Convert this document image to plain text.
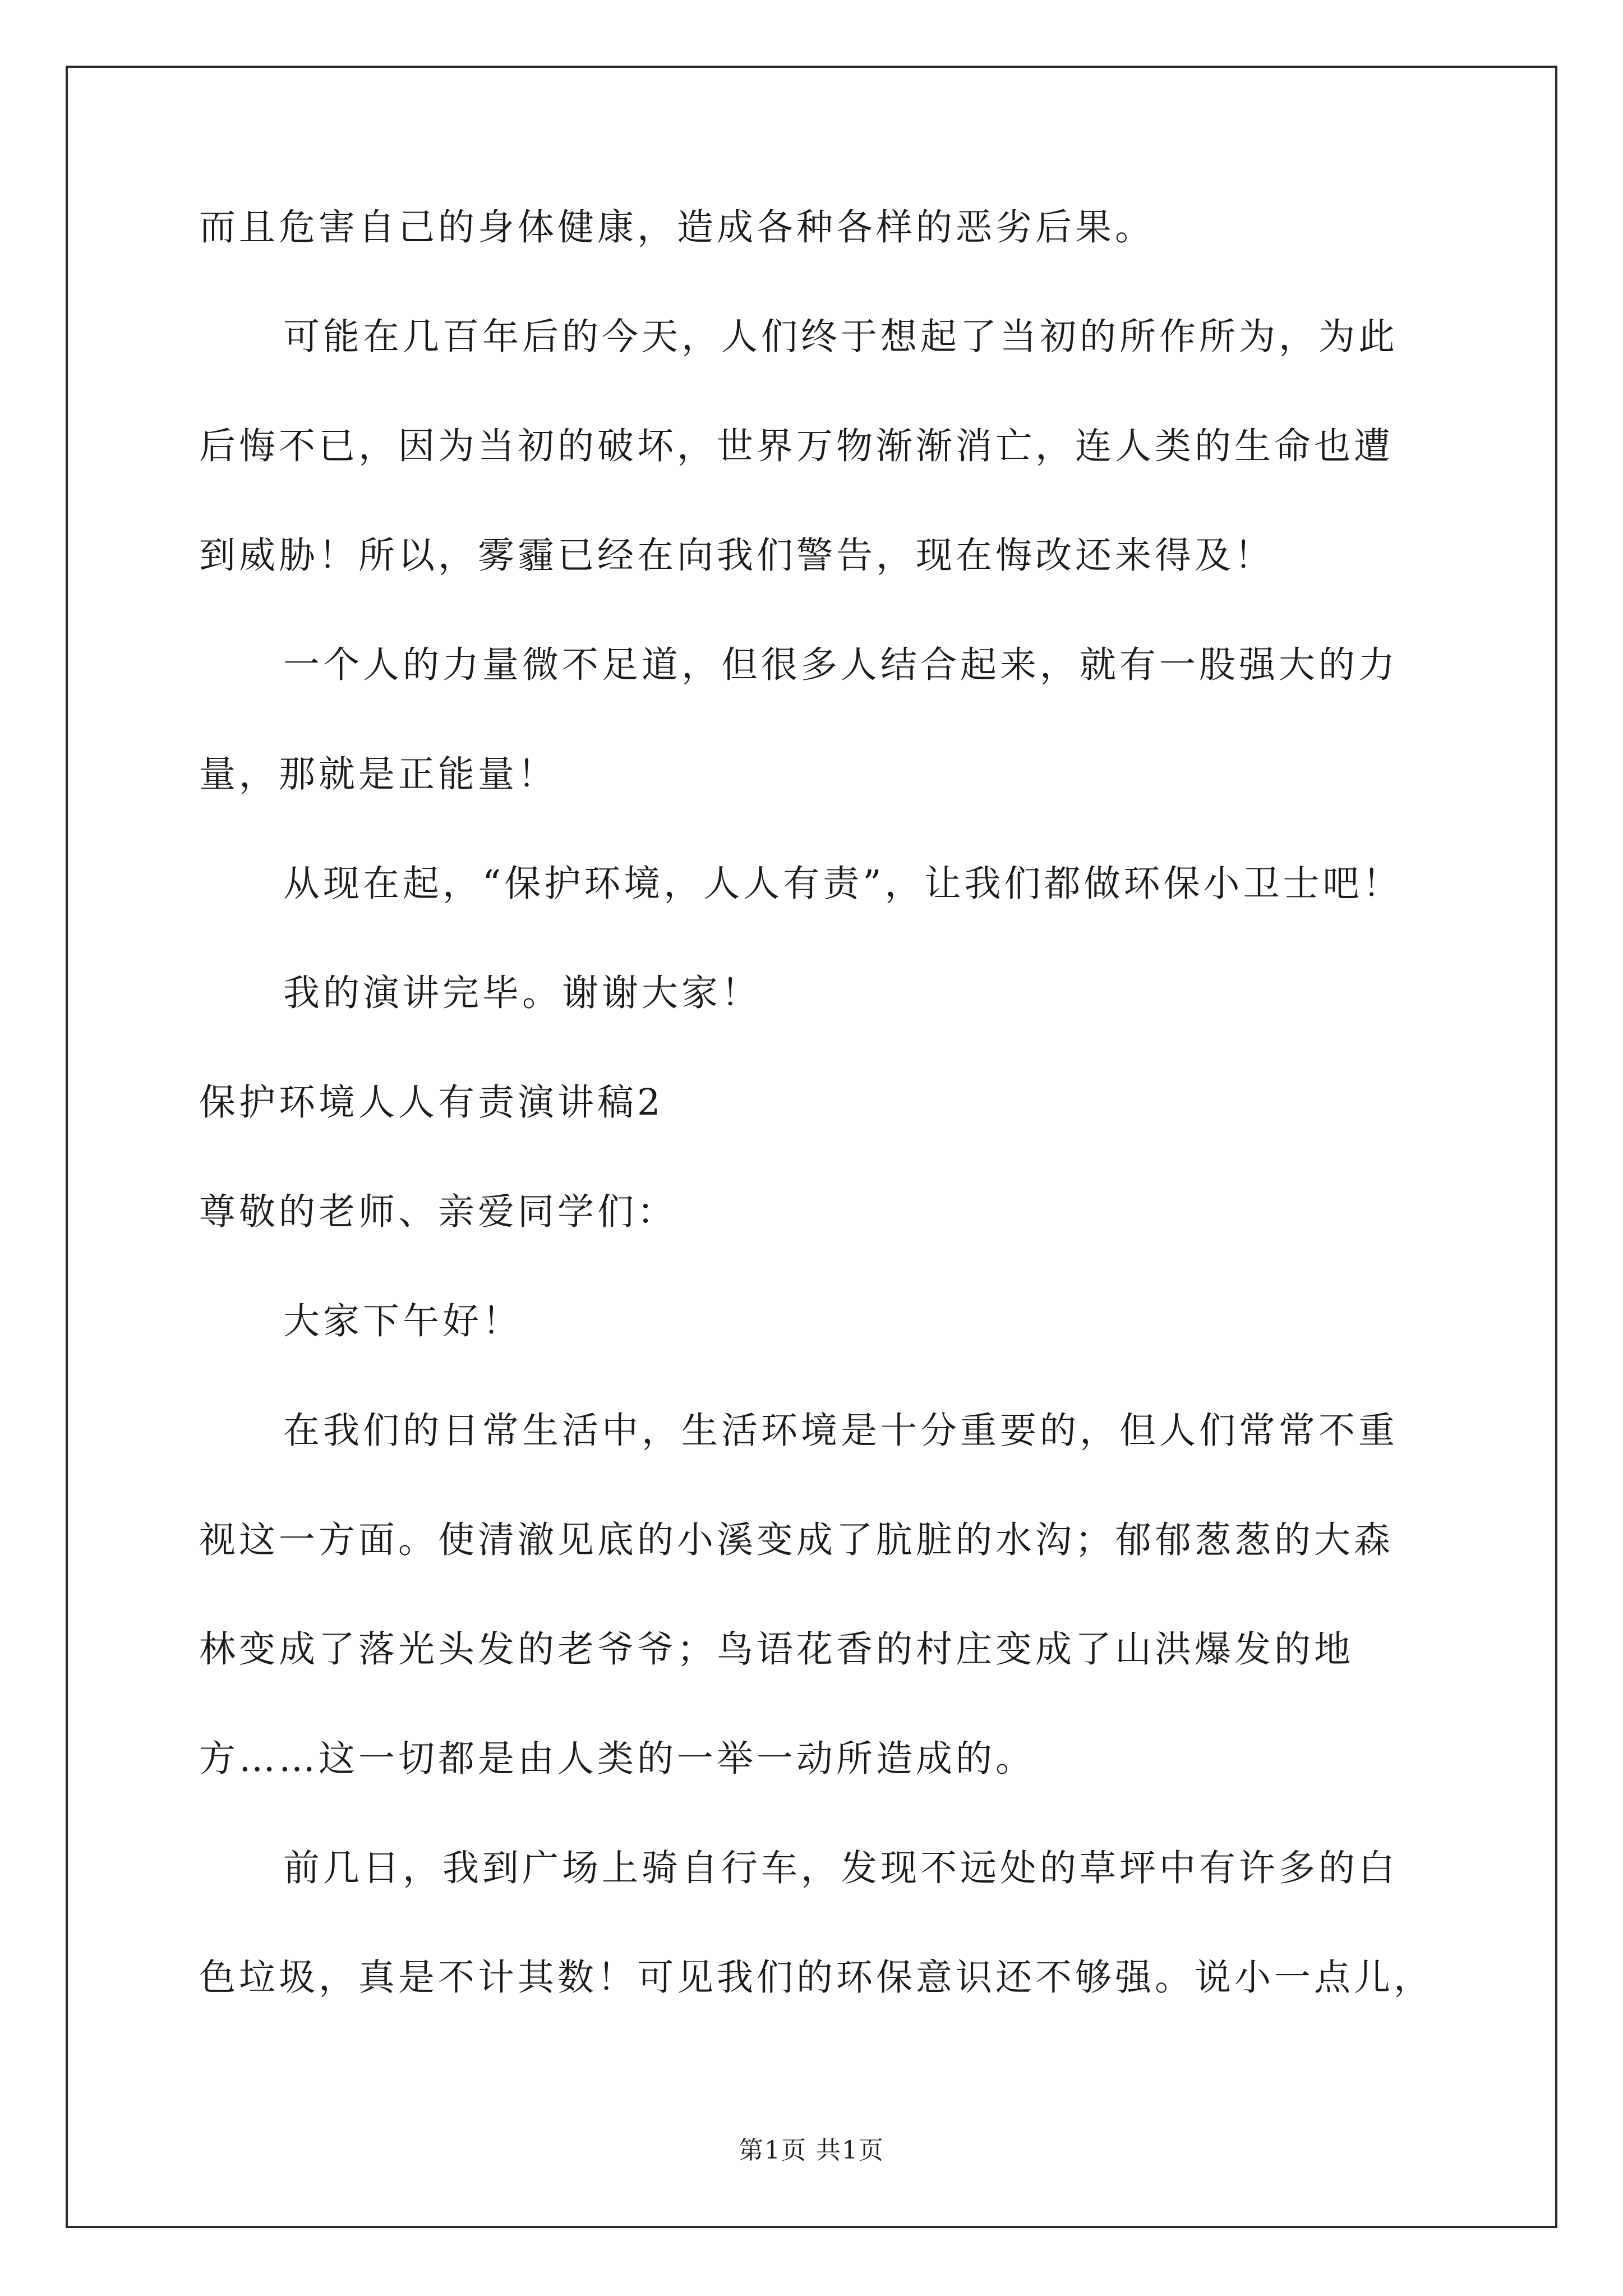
而且危害自己的身体健康，造成各种各样的恶劣后果。
可能在几百年后的今天，人们终于想起了当初的所作所为，为此
后悔不已，因为当初的破坏，世界万物渐渐消亡，连人类的生命也遭
到威胁！所以，雾霾已经在向我们警告，现在悔改还来得及！
一个人的力量微不足道，但很多人结合起来，就有一股强大的力
量，那就是正能量！
从现在起，“保护环境，人人有责”，让我们都做环保小卫士吧！
我的演讲完毕。谢谢大家！
保护环境人人有责演讲稿2
尊敬的老师、亲爱同学们：
大家下午好！
在我们的日常生活中，生活环境是十分重要的，但人们常常不重
视这一方面。使清澈见底的小溪变成了肮脏的水沟；郁郁葱葱的大森
林变成了落光头发的老爷爷；鸟语花香的村庄变成了山洪爆发的地
方……这一切都是由人类的一举一动所造成的。
前几日，我到广场上骑自行车，发现不远处的草坪中有许多的白
色垃圾，真是不计其数！可见我们的环保意识还不够强。说小一点儿，
第1页 共1页
